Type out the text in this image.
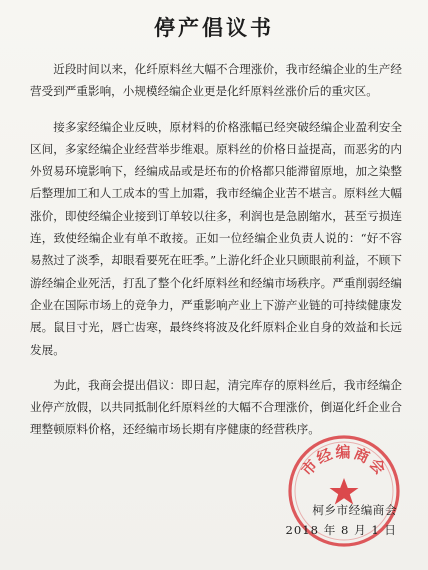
停产倡议书

近段时间以来，化纤原料丝大幅不合理涨价，我市经编企业的生产经营受到严重影响，小规模经编企业更是化纤原料丝涨价后的重灾区。

接多家经编企业反映，原材料的价格涨幅已经突破经编企业盈利安全区间，多家经编企业经营举步维艰。原料丝的价格日益提高，而恶劣的内外贸易环境影响下，经编成品或是坯布的价格都只能滞留原地，加之染整后整理加工和人工成本的雪上加霜，我市经编企业苦不堪言。原料丝大幅涨价，即使经编企业接到订单较以往多，利润也是急剧缩水，甚至亏损连连，致使经编企业有单不敢接。正如一位经编企业负责人说的：“好不容易熬过了淡季，却眼看要死在旺季。”上游化纤企业只顾眼前利益，不顾下游经编企业死活，打乱了整个化纤原料丝和经编市场秩序。严重削弱经编企业在国际市场上的竞争力，严重影响产业上下游产业链的可持续健康发展。鼠目寸光，唇亡齿寒，最终终将波及化纤原料企业自身的效益和长远发展。

为此，我商会提出倡议：即日起，清完库存的原料丝后，我市经编企业停产放假，以共同抵制化纤原料丝的大幅不合理涨价，倒逼化纤企业合理整顿原料价格，还经编市场长期有序健康的经营秩序。

市经编商会
柯乡市经编商会
2018 年 8 月 1 日
